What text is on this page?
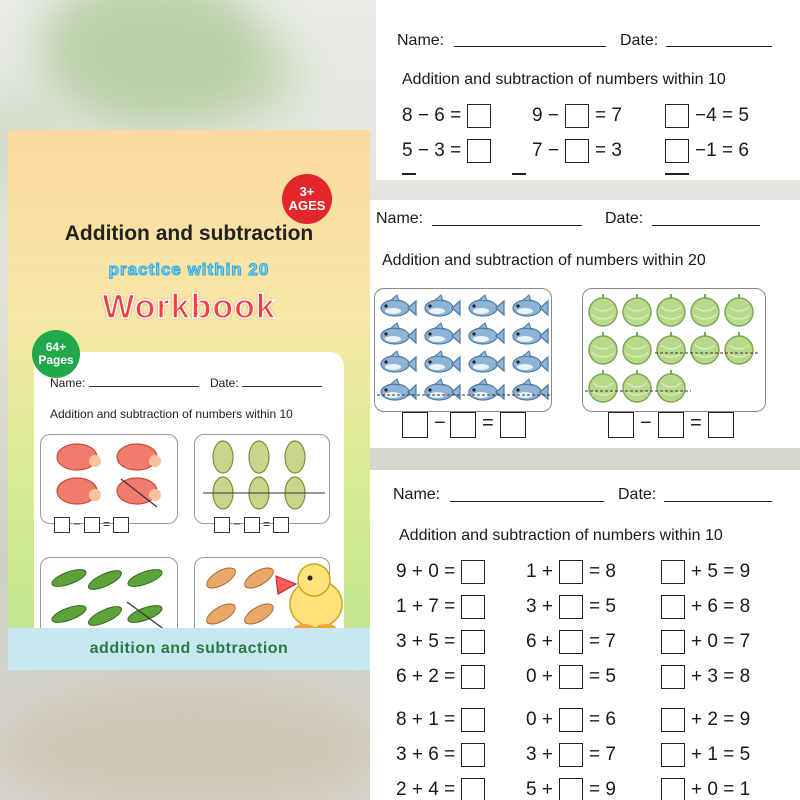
3+
AGES
Addition and subtraction
practice within 20
Workbook
64+
Pages
Name:	Date:
Addition and subtraction of numbers within 10
−  =	−  =
addition and subtraction
Name:	Date:
Addition and subtraction of numbers within 10
8 − 6 =	9 − = 7	−4 = 5
5 − 3 =	7 − = 3	−1 = 6
Name:	Date:
Addition and subtraction of numbers within 20
− =	− =
Name:	Date:
Addition and subtraction of numbers within 10
9 + 0 =	1 + = 8	+ 5 = 9
1 + 7 =	3 + = 5	+ 6 = 8
3 + 5 =	6 + = 7	+ 0 = 7
6 + 2 =	0 + = 5	+ 3 = 8
8 + 1 =	0 + = 6	+ 2 = 9
3 + 6 =	3 + = 7	+ 1 = 5
2 + 4 =	5 + = 9	+ 0 = 1
